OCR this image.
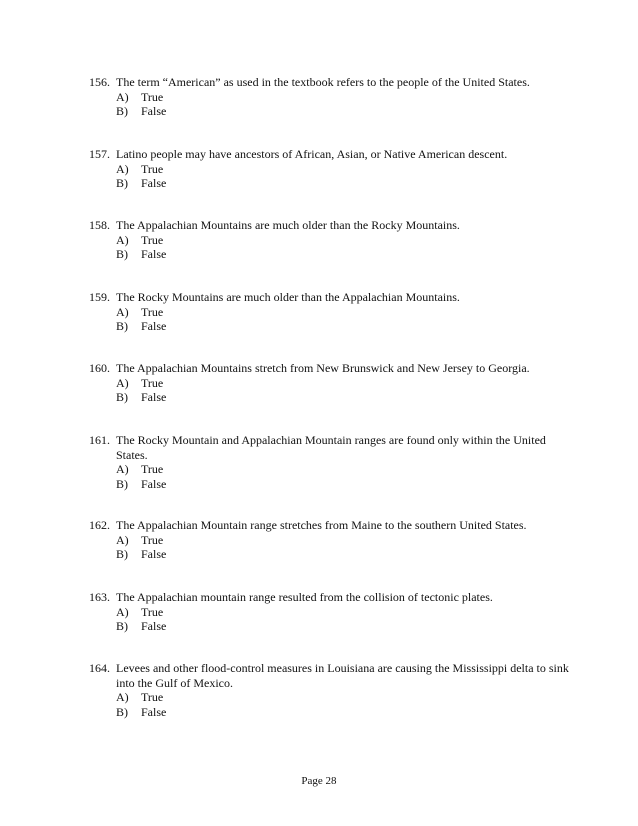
156. The term “American” as used in the textbook refers to the people of the United States.
A)	True
B)	False
157. Latino people may have ancestors of African, Asian, or Native American descent.
A)	True
B)	False
158. The Appalachian Mountains are much older than the Rocky Mountains.
A)	True
B)	False
159. The Rocky Mountains are much older than the Appalachian Mountains.
A)	True
B)	False
160. The Appalachian Mountains stretch from New Brunswick and New Jersey to Georgia.
A)	True
B)	False
161. The Rocky Mountain and Appalachian Mountain ranges are found only within the United States.
A)	True
B)	False
162. The Appalachian Mountain range stretches from Maine to the southern United States.
A)	True
B)	False
163. The Appalachian mountain range resulted from the collision of tectonic plates.
A)	True
B)	False
164. Levees and other flood-control measures in Louisiana are causing the Mississippi delta to sink into the Gulf of Mexico.
A)	True
B)	False
Page 28
